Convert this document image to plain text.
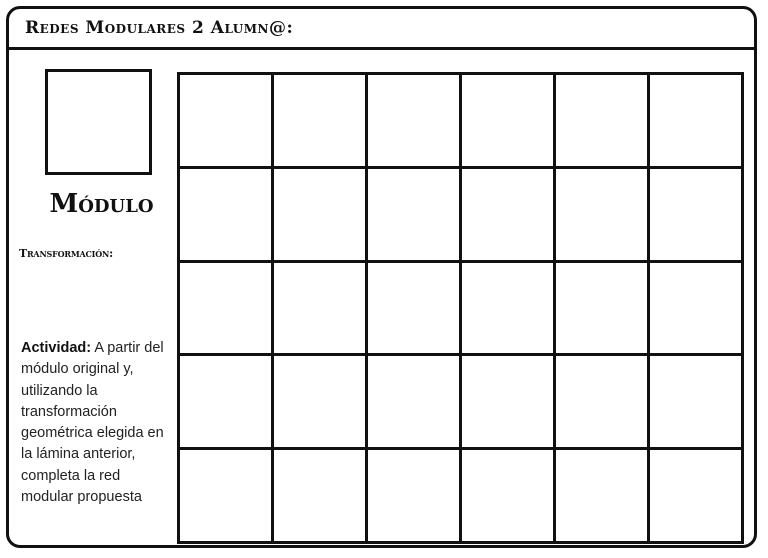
Redes Modulares 2 Alumn@:
Módulo
Transformación:
Actividad: A partir del módulo original y, utilizando la transformación geométrica elegida en la lámina anterior, completa la red modular propuesta
